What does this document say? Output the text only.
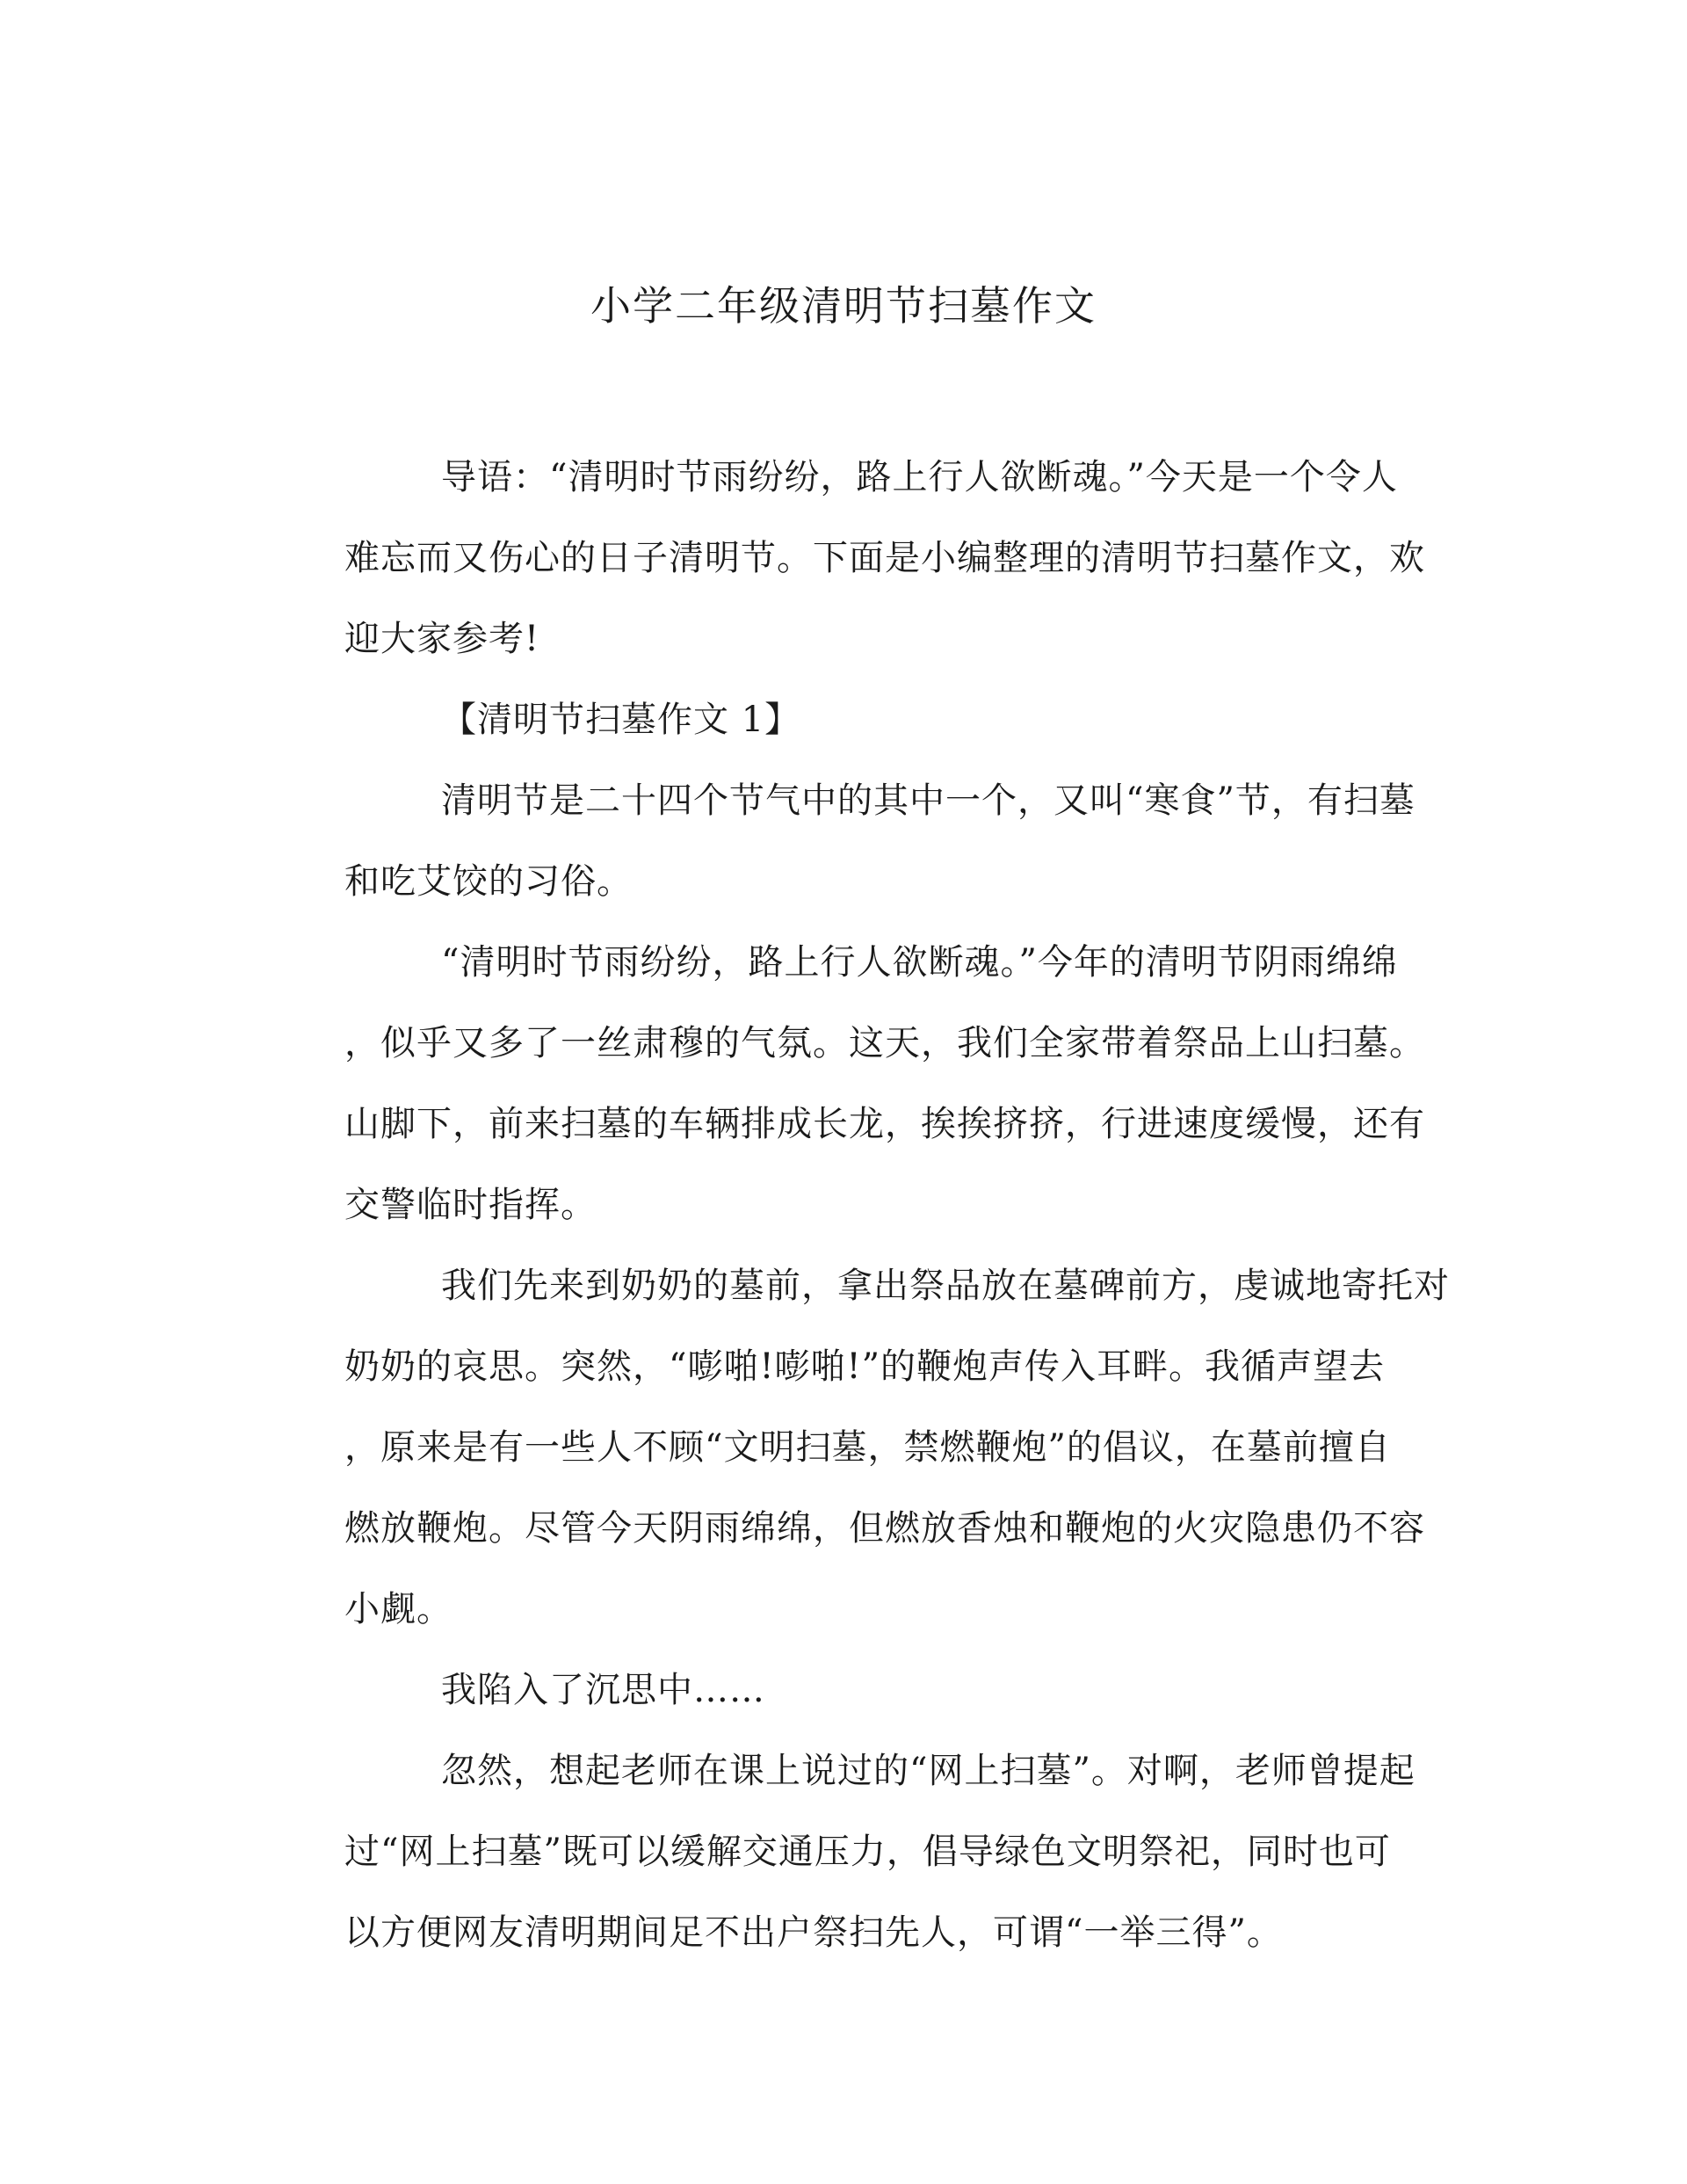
小学二年级清明节扫墓作文

导语：“清明时节雨纷纷，路上行人欲断魂。”今天是一个令人
难忘而又伤心的日子清明节。下面是小编整理的清明节扫墓作文，欢
迎大家参考!

【清明节扫墓作文 1】

清明节是二十四个节气中的其中一个，又叫“寒食”节，有扫墓
和吃艾饺的习俗。

“清明时节雨纷纷，路上行人欲断魂。”今年的清明节阴雨绵绵
，似乎又多了一丝肃穆的气氛。这天，我们全家带着祭品上山扫墓。
山脚下，前来扫墓的车辆排成长龙，挨挨挤挤，行进速度缓慢，还有
交警临时指挥。

我们先来到奶奶的墓前，拿出祭品放在墓碑前方，虔诚地寄托对
奶奶的哀思。突然，“嘭啪!嘭啪!”的鞭炮声传入耳畔。我循声望去
，原来是有一些人不顾“文明扫墓，禁燃鞭炮”的倡议，在墓前擅自
燃放鞭炮。尽管今天阴雨绵绵，但燃放香烛和鞭炮的火灾隐患仍不容
小觑。

我陷入了沉思中……

忽然，想起老师在课上说过的“网上扫墓”。对啊，老师曾提起
过“网上扫墓”既可以缓解交通压力，倡导绿色文明祭祀，同时也可
以方便网友清明期间足不出户祭扫先人，可谓“一举三得”。
